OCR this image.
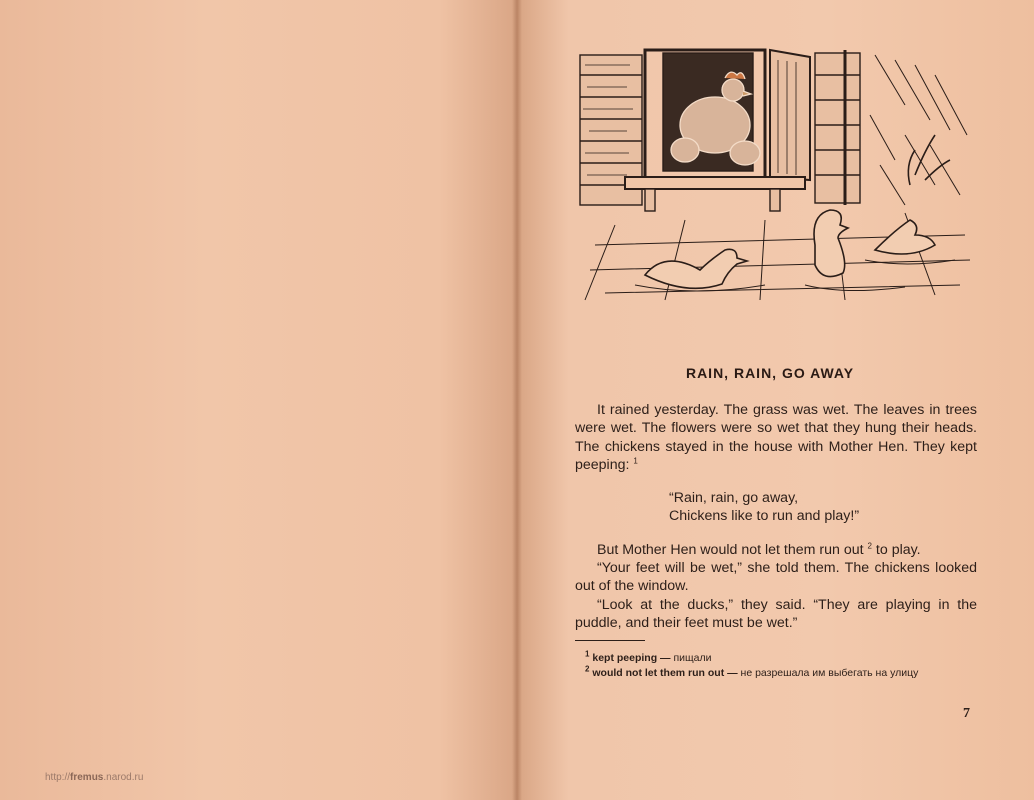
RAIN, RAIN, GO AWAY

It rained yesterday. The grass was wet. The leaves in trees were wet. The flowers were so wet that they hung their heads. The chickens stayed in the house with Mother Hen. They kept peeping: $^1$

“Rain, rain, go away,
Chickens like to run and play!”

But Mother Hen would not let them run out $^2$ to play.

“Your feet will be wet,” she told them. The chickens looked out of the window.

“Look at the ducks,” they said. “They are playing in the puddle, and their feet must be wet.”

$^1$ kept peeping — пищали
$^2$ would not let them run out — не разрешала им выбегать на улицу
7
http://fremus.narod.ru
